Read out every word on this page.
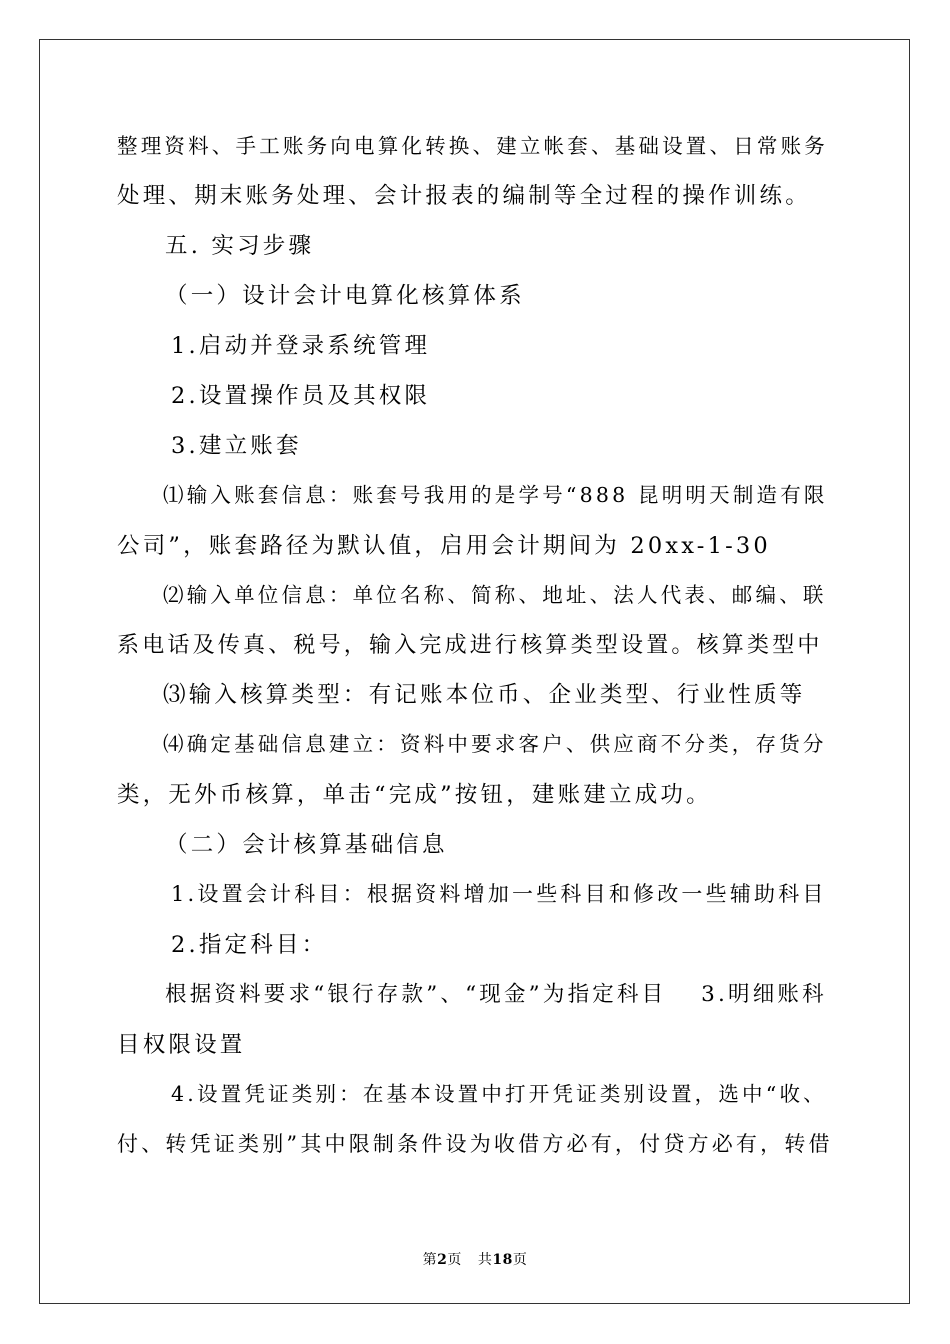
整理资料、手工账务向电算化转换、建立帐套、基础设置、日常账务
处理、期末账务处理、会计报表的编制等全过程的操作训练。
五. 实习步骤
（一）设计会计电算化核算体系
1.启动并登录系统管理
2.设置操作员及其权限
3.建立账套
⑴输入账套信息：账套号我用的是学号“888 昆明明天制造有限
公司”，账套路径为默认值，启用会计期间为 20xx-1-30
⑵输入单位信息：单位名称、简称、地址、法人代表、邮编、联
系电话及传真、税号，输入完成进行核算类型设置。核算类型中
⑶输入核算类型：有记账本位币、企业类型、行业性质等
⑷确定基础信息建立：资料中要求客户、供应商不分类，存货分
类，无外币核算，单击“完成”按钮，建账建立成功。
（二）会计核算基础信息
1.设置会计科目：根据资料增加一些科目和修改一些辅助科目
2.指定科目：
根据资料要求“银行存款”、“现金”为指定科目　 3.明细账科
目权限设置
4.设置凭证类别：在基本设置中打开凭证类别设置，选中“收、
付、转凭证类别”其中限制条件设为收借方必有，付贷方必有，转借
第2页 共18页
